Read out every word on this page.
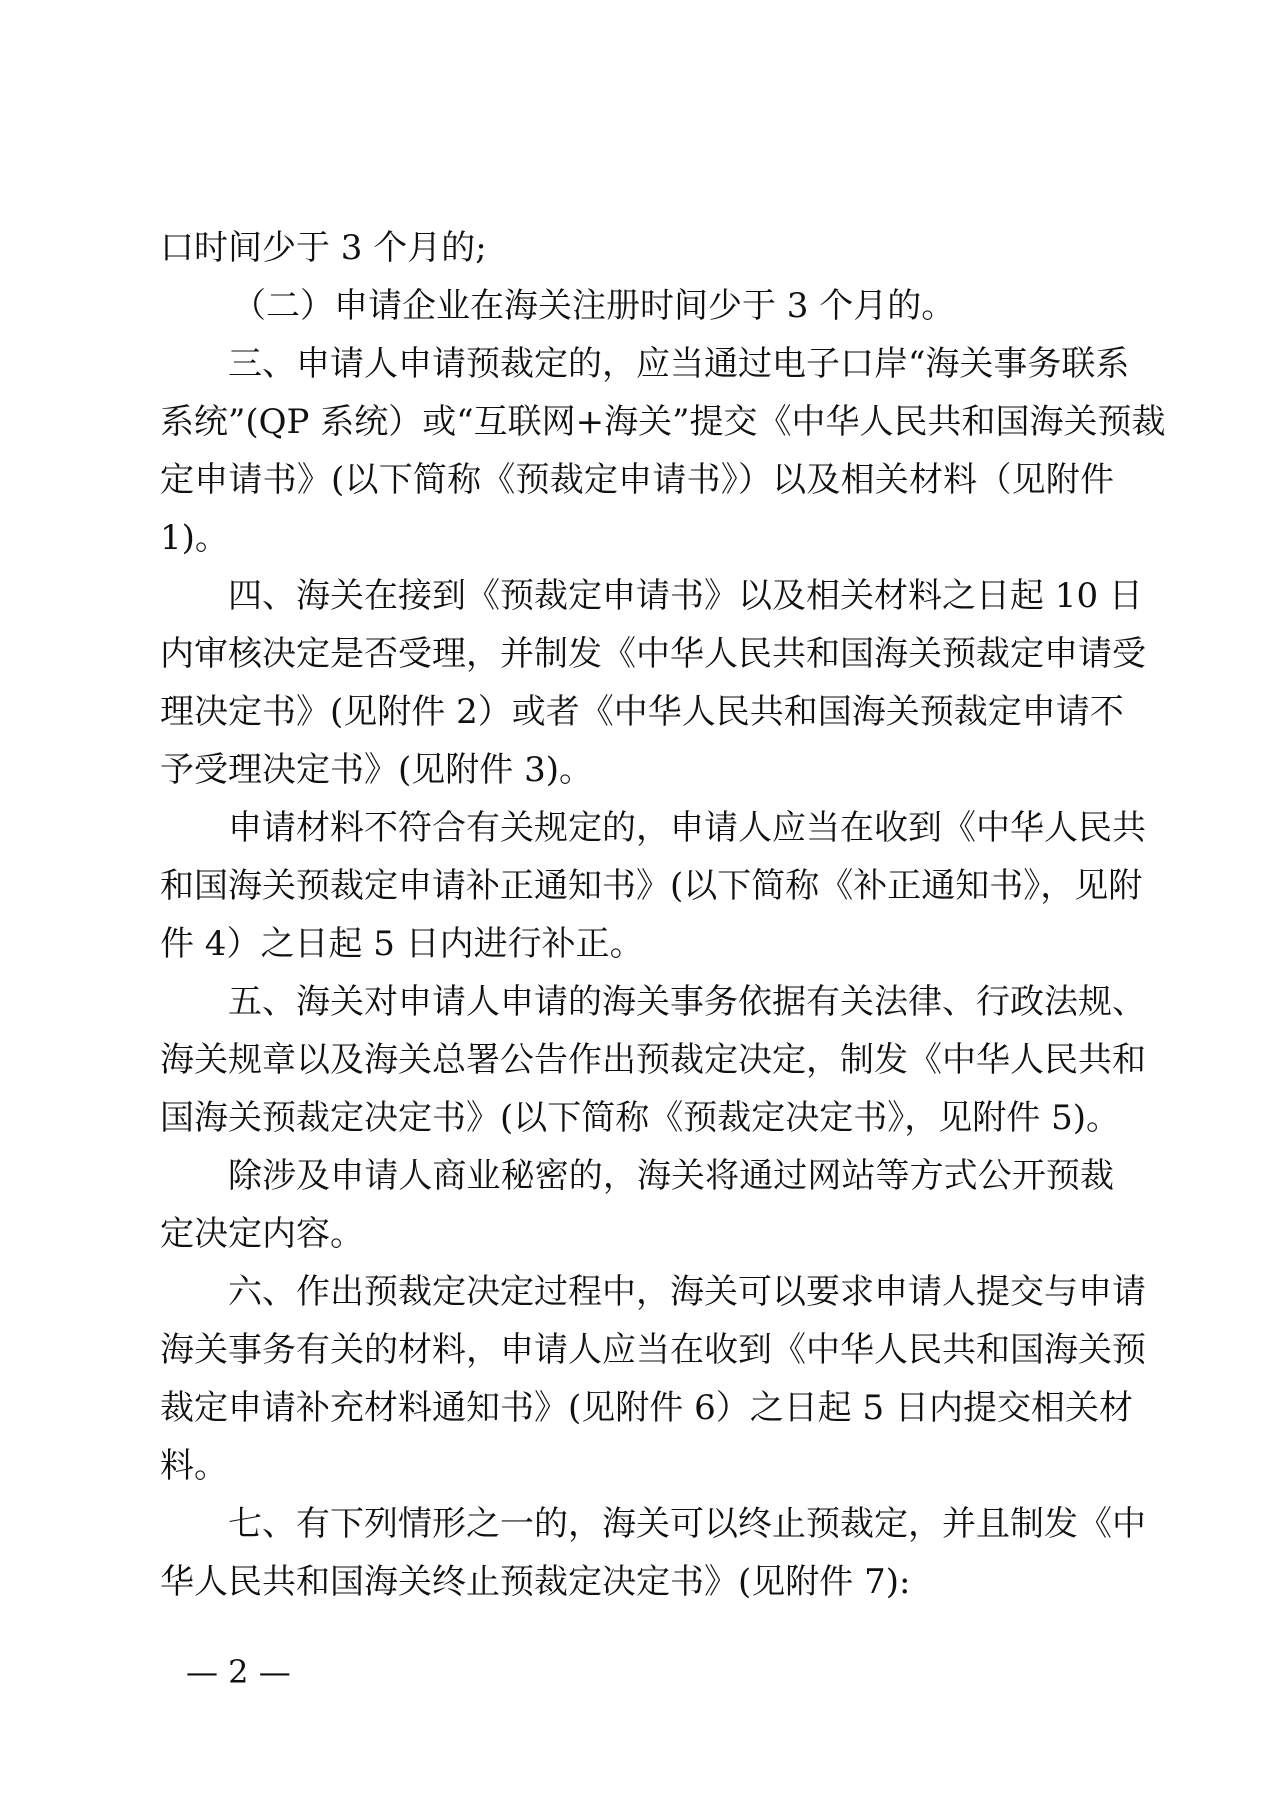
口时间少于 3 个月的;
（二）申请企业在海关注册时间少于 3 个月的。
三、申请人申请预裁定的，应当通过电子口岸“海关事务联系
系统”(QP 系统）或“互联网+海关”提交《中华人民共和国海关预裁
定申请书》(以下简称《预裁定申请书》）以及相关材料（见附件
1)。
四、海关在接到《预裁定申请书》以及相关材料之日起 10 日
内审核决定是否受理，并制发《中华人民共和国海关预裁定申请受
理决定书》(见附件 2）或者《中华人民共和国海关预裁定申请不
予受理决定书》(见附件 3)。
申请材料不符合有关规定的，申请人应当在收到《中华人民共
和国海关预裁定申请补正通知书》(以下简称《补正通知书》，见附
件 4）之日起 5 日内进行补正。
五、海关对申请人申请的海关事务依据有关法律、行政法规、
海关规章以及海关总署公告作出预裁定决定，制发《中华人民共和
国海关预裁定决定书》(以下简称《预裁定决定书》，见附件 5)。
除涉及申请人商业秘密的，海关将通过网站等方式公开预裁
定决定内容。
六、作出预裁定决定过程中，海关可以要求申请人提交与申请
海关事务有关的材料，申请人应当在收到《中华人民共和国海关预
裁定申请补充材料通知书》(见附件 6）之日起 5 日内提交相关材
料。
七、有下列情形之一的，海关可以终止预裁定，并且制发《中
华人民共和国海关终止预裁定决定书》(见附件 7):
— 2 —
